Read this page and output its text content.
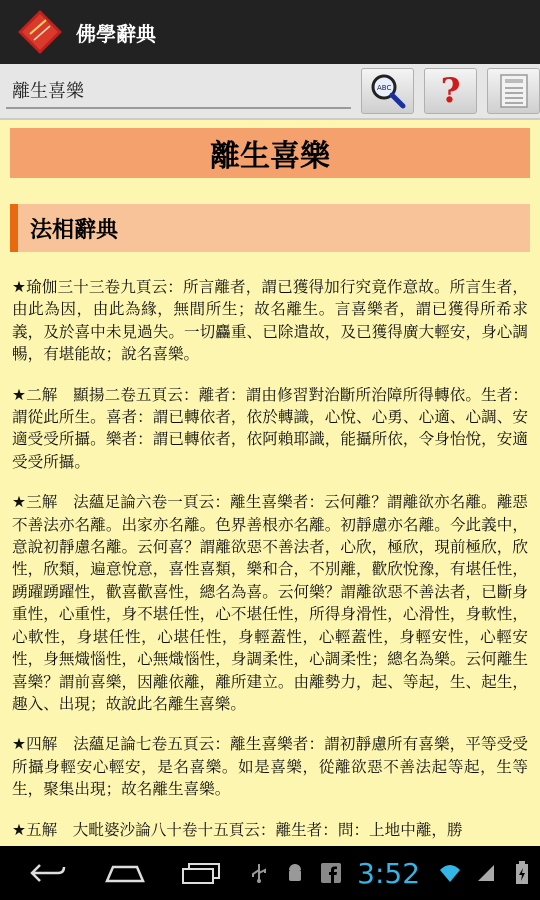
佛學辭典
離生喜樂
ABC ?
離生喜樂
法相辭典

★瑜伽三十三卷九頁云：所言離者，謂已獲得加行究竟作意故。所言生者，由此為因，由此為緣，無間所生；故名離生。言喜樂者，謂已獲得所希求義，及於喜中未見過失。一切麤重、已除遣故，及已獲得廣大輕安，身心調暢，有堪能故；說名喜樂。

★二解　顯揚二卷五頁云：離者：謂由修習對治斷所治障所得轉依。生者：謂從此所生。喜者：謂已轉依者，依於轉識，心悅、心勇、心適、心調、安適受受所攝。樂者：謂已轉依者，依阿賴耶識，能攝所依，令身怡悅，安適受受所攝。

★三解　法蘊足論六卷一頁云：離生喜樂者：云何離？謂離欲亦名離。離惡不善法亦名離。出家亦名離。色界善根亦名離。初靜慮亦名離。今此義中，意說初靜慮名離。云何喜？謂離欲惡不善法者，心欣，極欣，現前極欣，欣性，欣類，遍意悅意，喜性喜類，樂和合，不別離，歡欣悅豫，有堪任性，踴躍踴躍性，歡喜歡喜性，總名為喜。云何樂？謂離欲惡不善法者，已斷身重性，心重性，身不堪任性，心不堪任性，所得身滑性，心滑性，身軟性，心軟性，身堪任性，心堪任性，身輕蓋性，心輕蓋性，身輕安性，心輕安性，身無熾惱性，心無熾惱性，身調柔性，心調柔性；總名為樂。云何離生喜樂？謂前喜樂，因離依離，離所建立。由離勢力，起、等起，生、起生，趣入、出現；故說此名離生喜樂。

★四解　法蘊足論七卷五頁云：離生喜樂者：謂初靜慮所有喜樂，平等受受所攝身輕安心輕安，是名喜樂。如是喜樂，從離欲惡不善法起等起，生等生，聚集出現；故名離生喜樂。

★五解　大毗婆沙論八十卷十五頁云：離生者：問：上地中離，勝

3:52
